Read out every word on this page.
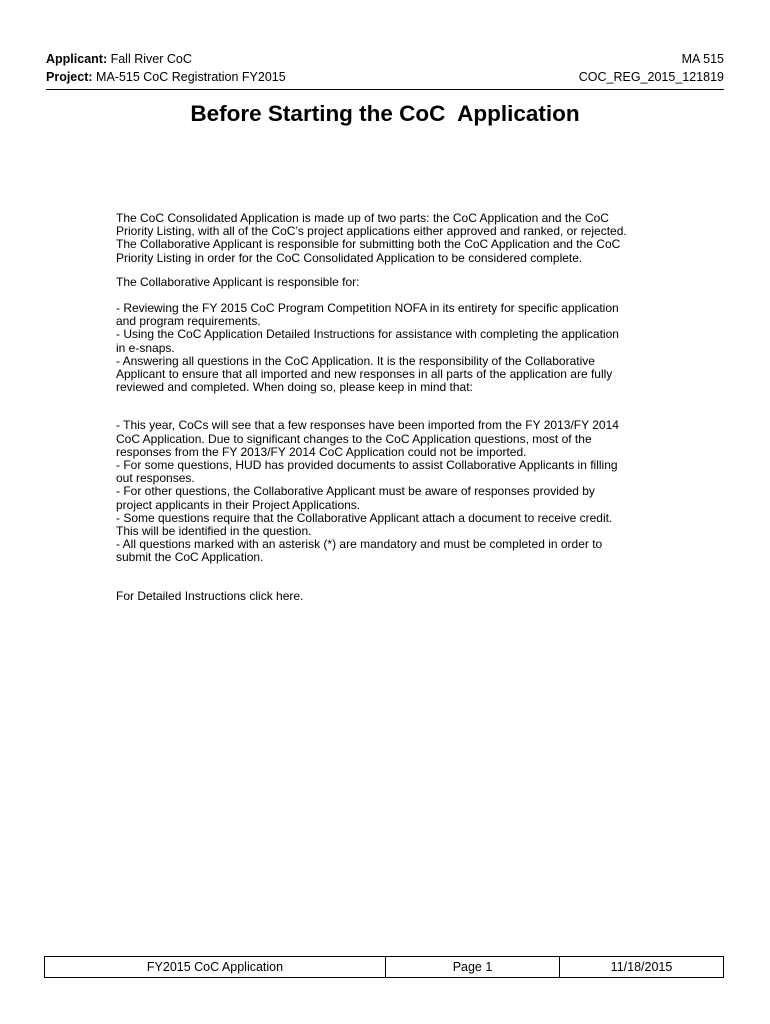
Applicant: Fall River CoC	MA 515
Project: MA-515 CoC Registration FY2015	COC_REG_2015_121819
Before Starting the CoC  Application

The CoC Consolidated Application is made up of two parts: the CoC Application and the CoC
Priority Listing, with all of the CoC’s project applications either approved and ranked, or rejected.
The Collaborative Applicant is responsible for submitting both the CoC Application and the CoC
Priority Listing in order for the CoC Consolidated Application to be considered complete.

The Collaborative Applicant is responsible for:

- Reviewing the FY 2015 CoC Program Competition NOFA in its entirety for specific application
and program requirements.
- Using the CoC Application Detailed Instructions for assistance with completing the application
in e-snaps.
- Answering all questions in the CoC Application. It is the responsibility of the Collaborative
Applicant to ensure that all imported and new responses in all parts of the application are fully
reviewed and completed. When doing so, please keep in mind that:

- This year, CoCs will see that a few responses have been imported from the FY 2013/FY 2014
CoC Application. Due to significant changes to the CoC Application questions, most of the
responses from the FY 2013/FY 2014 CoC Application could not be imported.
- For some questions, HUD has provided documents to assist Collaborative Applicants in filling
out responses.
- For other questions, the Collaborative Applicant must be aware of responses provided by
project applicants in their Project Applications.
- Some questions require that the Collaborative Applicant attach a document to receive credit.
This will be identified in the question.
- All questions marked with an asterisk (*) are mandatory and must be completed in order to
submit the CoC Application.

For Detailed Instructions click here.

FY2015 CoC Application	Page 1	11/18/2015
